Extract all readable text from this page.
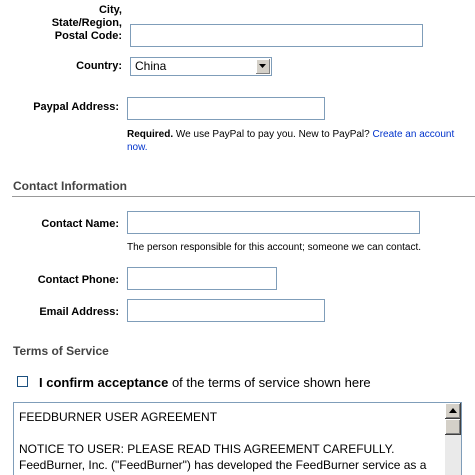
City,
State/Region,
Postal Code:
Country:	China
Paypal Address:
Required. We use PayPal to pay you. New to PayPal? Create an account now.
Contact Information
Contact Name:
The person responsible for this account; someone we can contact.
Contact Phone:
Email Address:
Terms of Service
I confirm acceptance of the terms of service shown here

FEEDBURNER USER AGREEMENT

NOTICE TO USER: PLEASE READ THIS AGREEMENT CAREFULLY.

FeedBurner, Inc. ("FeedBurner") has developed the FeedBurner service as a
